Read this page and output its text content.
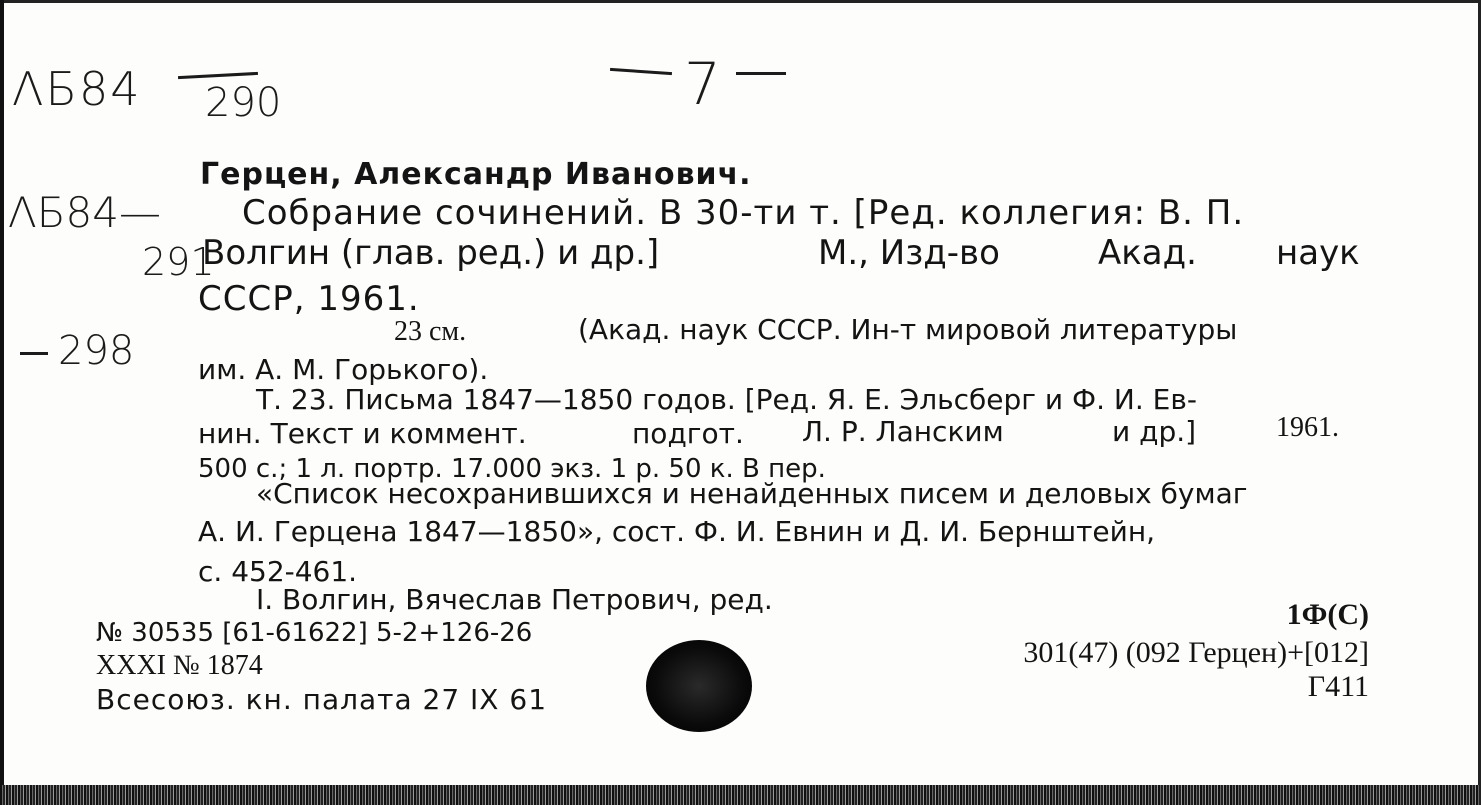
ΛБ84 290	7
ΛБ84—
291
298
Герцен, Александр Иванович.
Собрание сочинений. В 30-ти т. [Ред. коллегия: В. П.
Волгин (глав. ред.) и др.]	М., Изд-во	Акад. наук
СССР, 1961.
23 см.	(Акад. наук СССР. Ин-т мировой литературы
им. А. М. Горького).
Т. 23. Письма 1847—1850 годов. [Ред. Я. Е. Эльсберг и Ф. И. Ев-
нин. Текст и коммент.	подгот. Л. Р. Ланским	и др.]	1961.
500 с.; 1 л. портр. 17.000 экз. 1 р. 50 к. В пер.
«Список несохранившихся и ненайденных писем и деловых бумаг
А. И. Герцена 1847—1850», сост. Ф. И. Евнин и Д. И. Бернштейн,
с. 452-461.
I. Волгин, Вячеслав Петрович, ред.
№ 30535 [61-61622] 5-2+126-26
XXXI № 1874
Всесоюз. кн. палата 27 IX 61
1Ф(С)
301(47) (092 Герцен)+[012]
Г411
